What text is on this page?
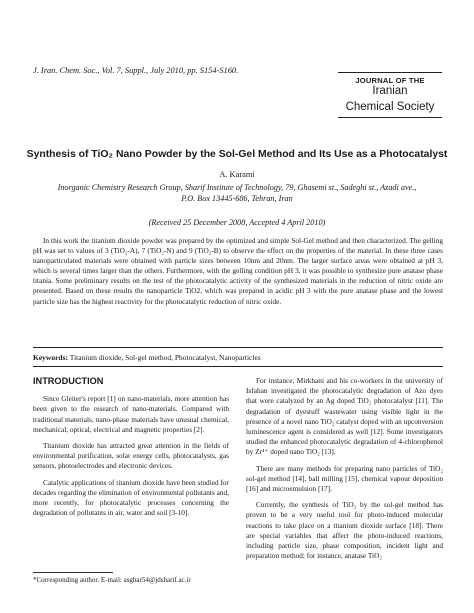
J. Iran. Chem. Soc., Vol. 7, Suppl., July 2010, pp. S154-S160.
JOURNAL OF THE
Iranian
Chemical Society
Synthesis of TiO₂ Nano Powder by the Sol-Gel Method and Its Use as a Photocatalyst
A. Karami
Inorganic Chemistry Research Group, Sharif Institute of Technology, 79, Ghasemi st., Sadeghi st., Azadi ave.,
P.O. Box 13445-686, Tehran, Iran
(Received 25 December 2008, Accepted 4 April 2010)
In this work the titanium dioxide powder was prepared by the optimized and simple Sol-Gel method and then characterized. The gelling pH was set to values of 3 (TiO₂-A), 7 (TiO₂-N) and 9 (TiO₂-B) to observe the effect on the properties of the material. In these three cases nanoparticulated materials were obtained with particle sizes between 10nm and 20nm. The larger surface areas were obtained at pH 3, which is several times larger than the others. Furthermore, with the gelling condition pH 3, it was possible to synthesize pure anatase phase titania. Some preliminary results on the test of the photocatalytic activity of the synthesized materials in the reduction of nitric oxide are presented. Based on these results the nanoparticle TiO2, which was prepared in acidic pH 3 with the pure anatase phase and the lowest particle size has the highest reactivity for the photocatalytic reduction of nitric oxide.
Keywords: Titanium dioxide, Sol-gel method, Photocatalyst, Nanoparticles
INTRODUCTION

Since Gleiter's report [1] on nano-materials, more attention has been given to the research of nano-materials. Compared with traditional materials, nano-phase materials have unusual chemical, mechanical, optical, electrical and magnetic properties [2].

Titanium dioxide has attracted great attention in the fields of environmental purification, solar energy cells, photocatalysts, gas sensors, photoelectrodes and electronic devices.

Catalytic applications of titanium dioxide have been studied for decades regarding the elimination of environmental pollutants and, more recently, for photocatalytic processes concerning the degradation of pollutants in air, water and soil [3-10].

For instance, Mirkhani and his co-workers in the university of Isfahan investigated the photocatalytic degradation of Azo dyes that were catalyzed by an Ag doped TiO₂ photocatalyst [11]. The degradation of dyestuff wastewater using visible light in the presence of a novel nano TiO₂ catalyst doped with an upconversion luminescence agent is considered as well [12]. Some investigators studied the enhanced photocatalytic degradation of 4-chlorophenol by Zr⁴⁺ doped nano TiO₂ [13].

There are many methods for preparing nano particles of TiO₂ sol-gel method [14], ball milling [15], chemical vapour deposition [16] and microemulsion [17].

Currently, the synthesis of TiO₂ by the sol-gel method has proven to be a very useful tool for photo-induced molecular reactions to take place on a titanium dioxide surface [18]. There are special variables that affect the photo-induced reactions, including particle size, phase composition, incident light and preparation method; for instance, anatase TiO₂

*Corresponding author. E-mail: asghar54@jdsharif.ac.ir
